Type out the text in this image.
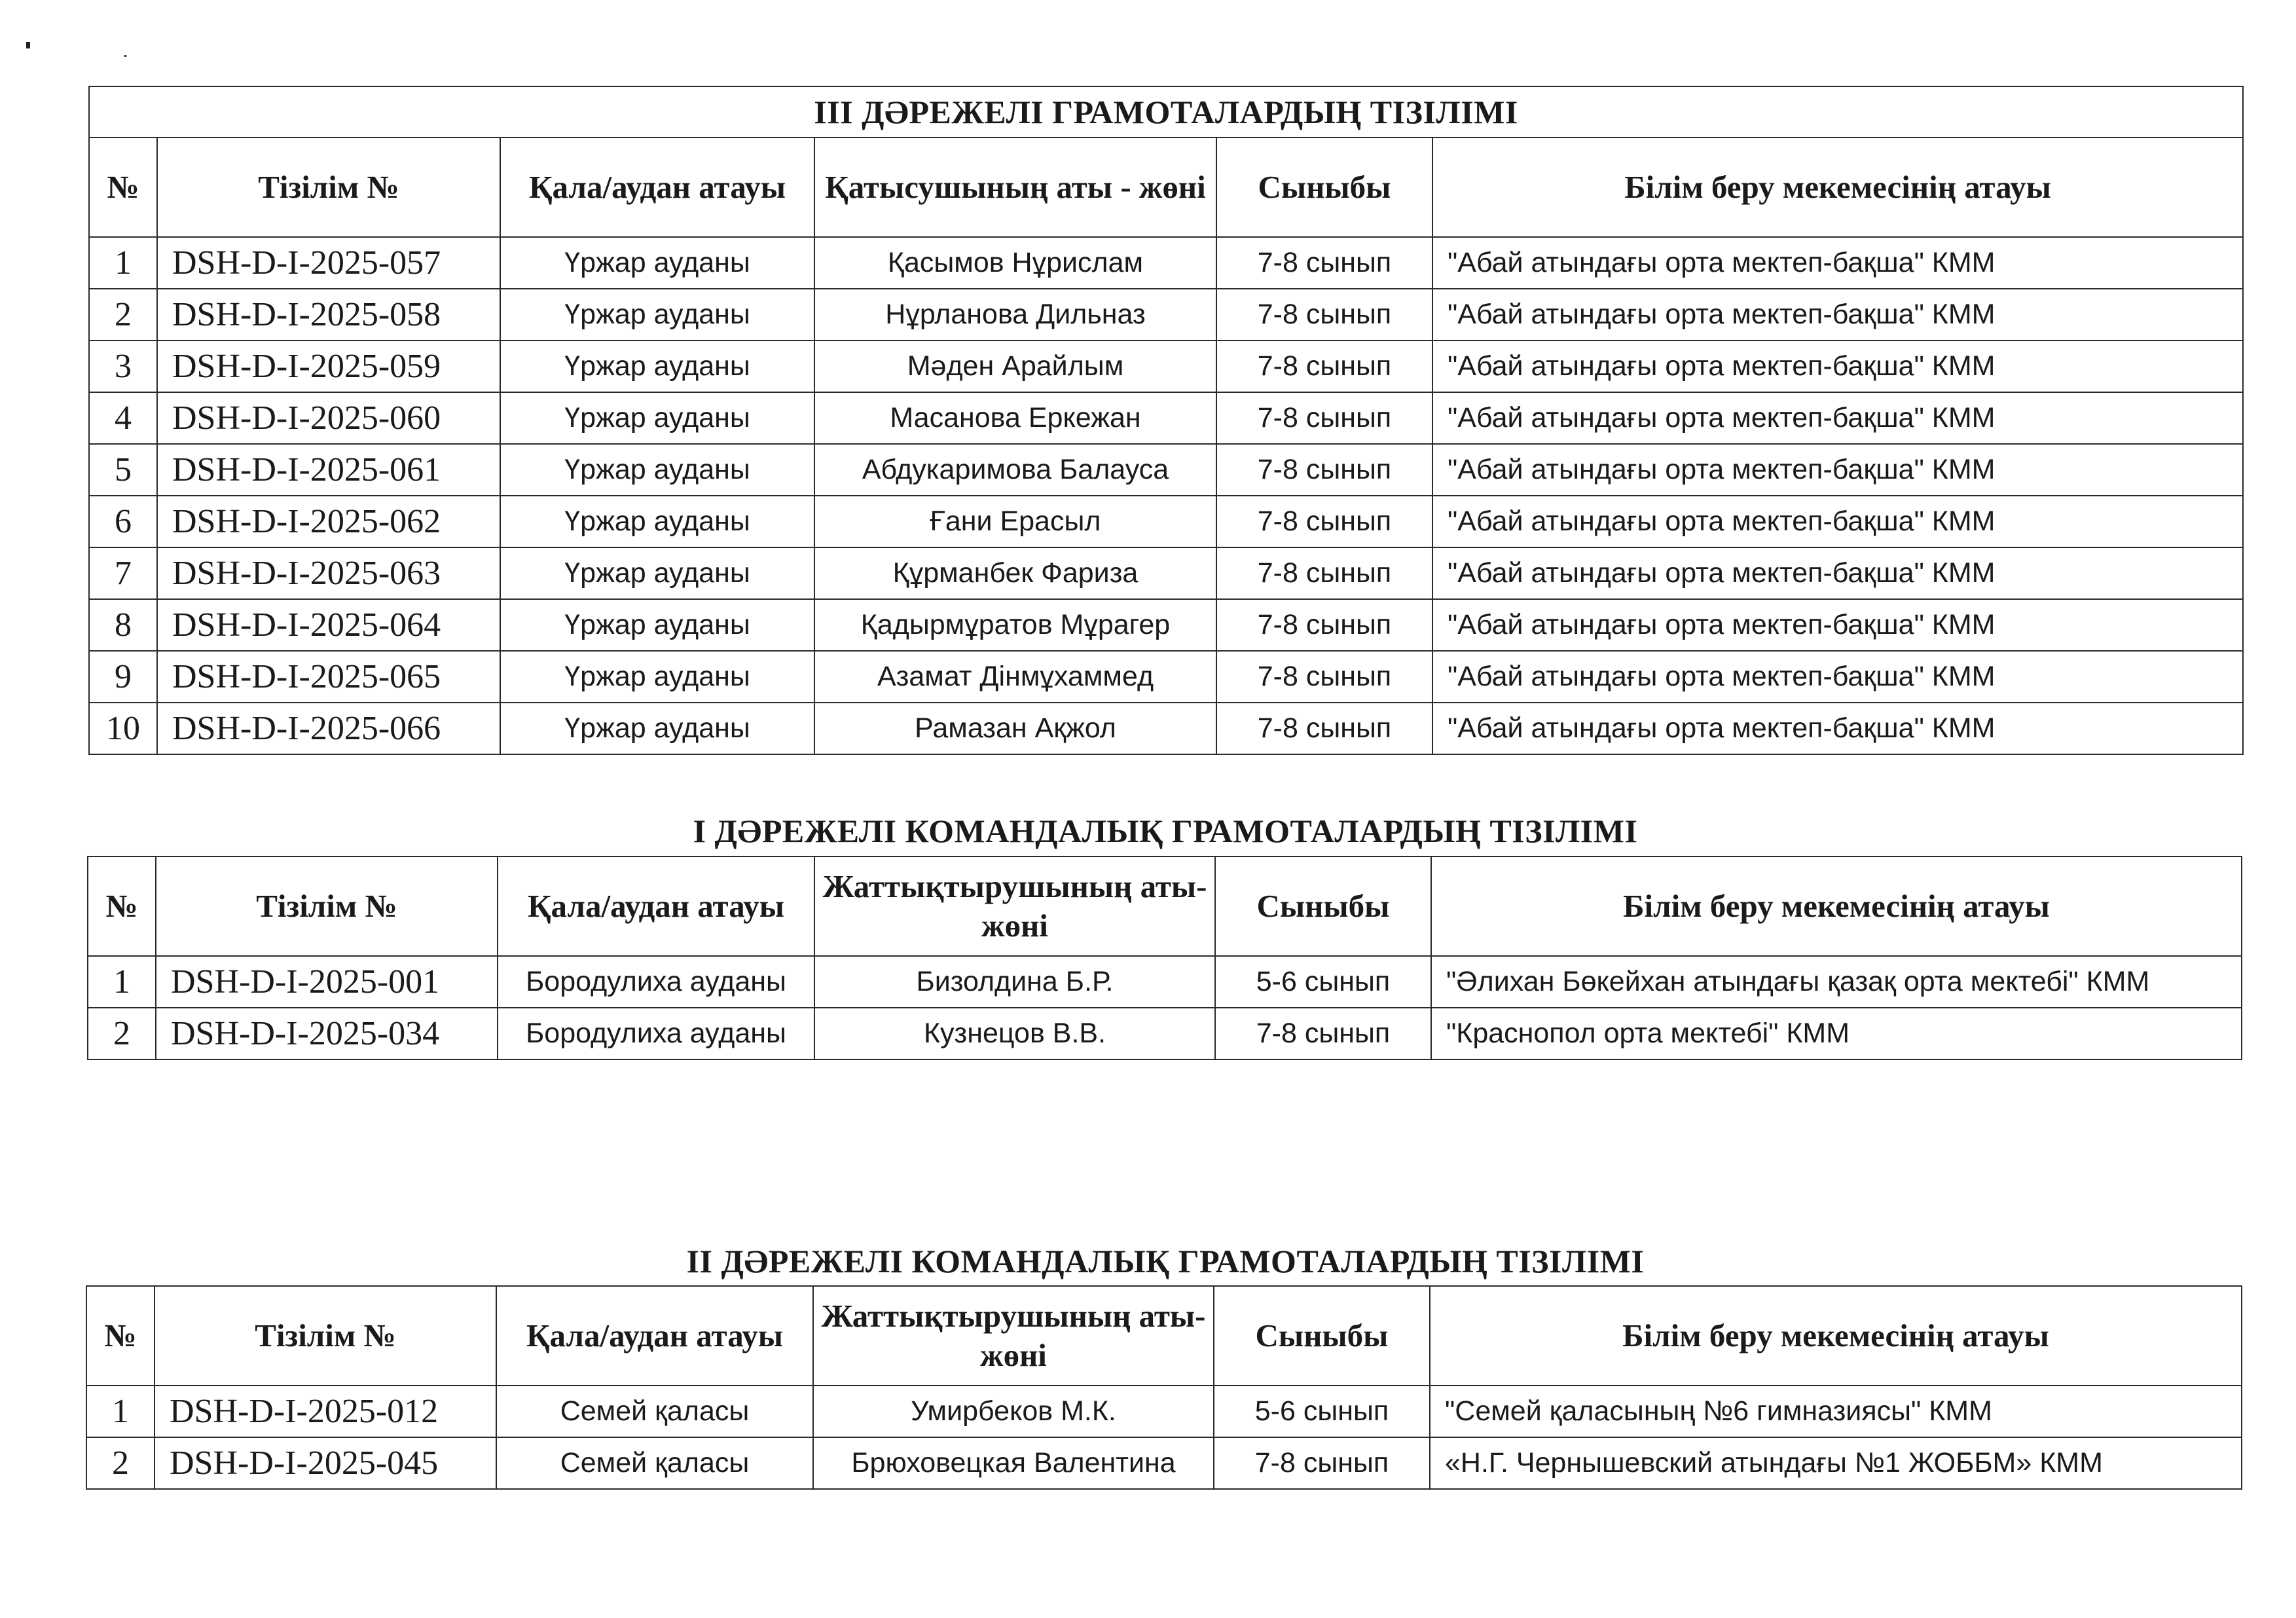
ІІІ ДӘРЕЖЕЛІ ГРАМОТАЛАРДЫҢ ТІЗІЛІМІ					
№	Тізілім №	Қала/аудан атауы	Қатысушының аты - жөні	Сыныбы	Білім беру мекемесінің атауы
1	DSH-D-I-2025-057	Үржар ауданы	Қасымов Нұрислам	7-8 сынып	"Абай атындағы орта мектеп-бақша" КММ
2	DSH-D-I-2025-058	Үржар ауданы	Нұрланова Дильназ	7-8 сынып	"Абай атындағы орта мектеп-бақша" КММ
3	DSH-D-I-2025-059	Үржар ауданы	Мәден Арайлым	7-8 сынып	"Абай атындағы орта мектеп-бақша" КММ
4	DSH-D-I-2025-060	Үржар ауданы	Масанова Еркежан	7-8 сынып	"Абай атындағы орта мектеп-бақша" КММ
5	DSH-D-I-2025-061	Үржар ауданы	Абдукаримова Балауса	7-8 сынып	"Абай атындағы орта мектеп-бақша" КММ
6	DSH-D-I-2025-062	Үржар ауданы	Ғани Ерасыл	7-8 сынып	"Абай атындағы орта мектеп-бақша" КММ
7	DSH-D-I-2025-063	Үржар ауданы	Құрманбек Фариза	7-8 сынып	"Абай атындағы орта мектеп-бақша" КММ
8	DSH-D-I-2025-064	Үржар ауданы	Қадырмұратов Мұрагер	7-8 сынып	"Абай атындағы орта мектеп-бақша" КММ
9	DSH-D-I-2025-065	Үржар ауданы	Азамат Дінмұхаммед	7-8 сынып	"Абай атындағы орта мектеп-бақша" КММ
10	DSH-D-I-2025-066	Үржар ауданы	Рамазан Ақжол	7-8 сынып	"Абай атындағы орта мектеп-бақша" КММ
І ДӘРЕЖЕЛІ КОМАНДАЛЫҚ ГРАМОТАЛАРДЫҢ ТІЗІЛІМІ
№	Тізілім №	Қала/аудан атауы	Жаттықтырушының аты-жөні	Сыныбы	Білім беру мекемесінің атауы
1	DSH-D-I-2025-001	Бородулиха ауданы	Бизолдина Б.Р.	5-6 сынып	"Әлихан Бөкейхан атындағы қазақ орта мектебі" КММ
2	DSH-D-I-2025-034	Бородулиха ауданы	Кузнецов В.В.	7-8 сынып	"Краснопол орта мектебі" КММ
ІІ ДӘРЕЖЕЛІ КОМАНДАЛЫҚ ГРАМОТАЛАРДЫҢ ТІЗІЛІМІ
№	Тізілім №	Қала/аудан атауы	Жаттықтырушының аты-жөні	Сыныбы	Білім беру мекемесінің атауы
1	DSH-D-I-2025-012	Семей қаласы	Умирбеков М.К.	5-6 сынып	"Семей қаласының №6 гимназиясы" КММ
2	DSH-D-I-2025-045	Семей қаласы	Брюховецкая Валентина	7-8 сынып	«Н.Г. Чернышевский атындағы №1 ЖОББМ» КММ
